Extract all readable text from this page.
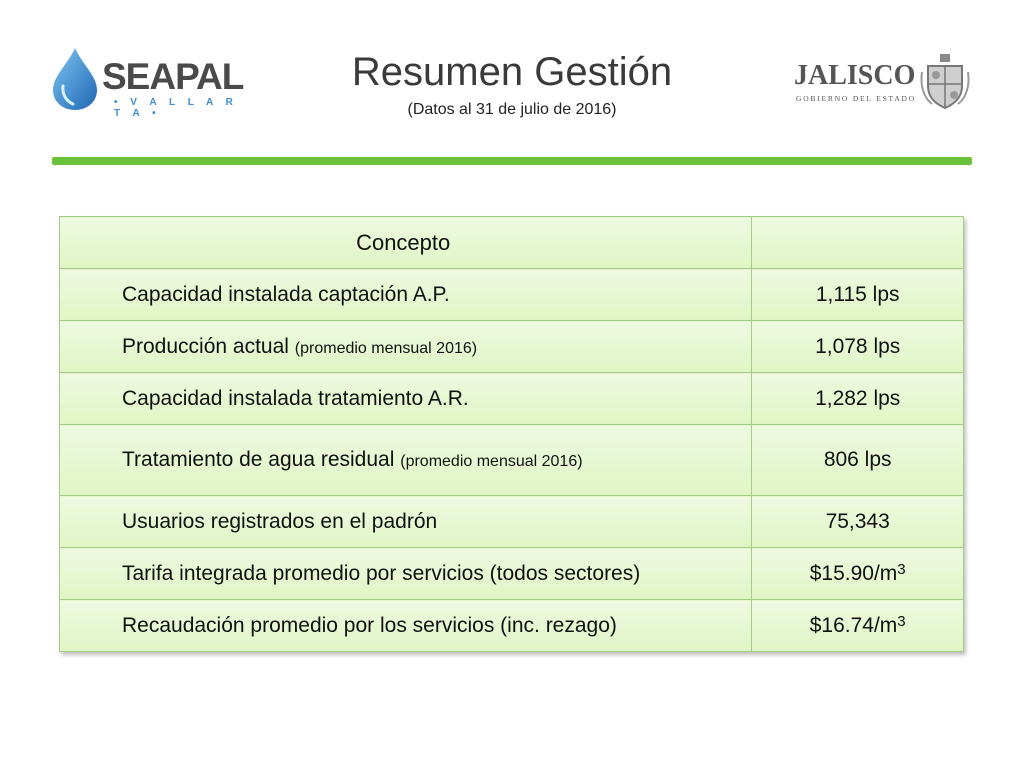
SEAPAL
• V A L L A R T A •
Resumen Gestión
(Datos al 31 de julio de 2016)
JALISCO
GOBIERNO DEL ESTADO
Concepto	
Capacidad instalada captación A.P.	1,115 lps
Producción actual (promedio mensual 2016)	1,078 lps
Capacidad instalada tratamiento A.R.	1,282 lps
Tratamiento de agua residual (promedio mensual 2016)	806 lps
Usuarios registrados en el padrón	75,343
Tarifa integrada promedio por servicios (todos sectores)	$\$15.90/m^3$
Recaudación promedio por los servicios (inc. rezago)	$\$16.74/m^3$
